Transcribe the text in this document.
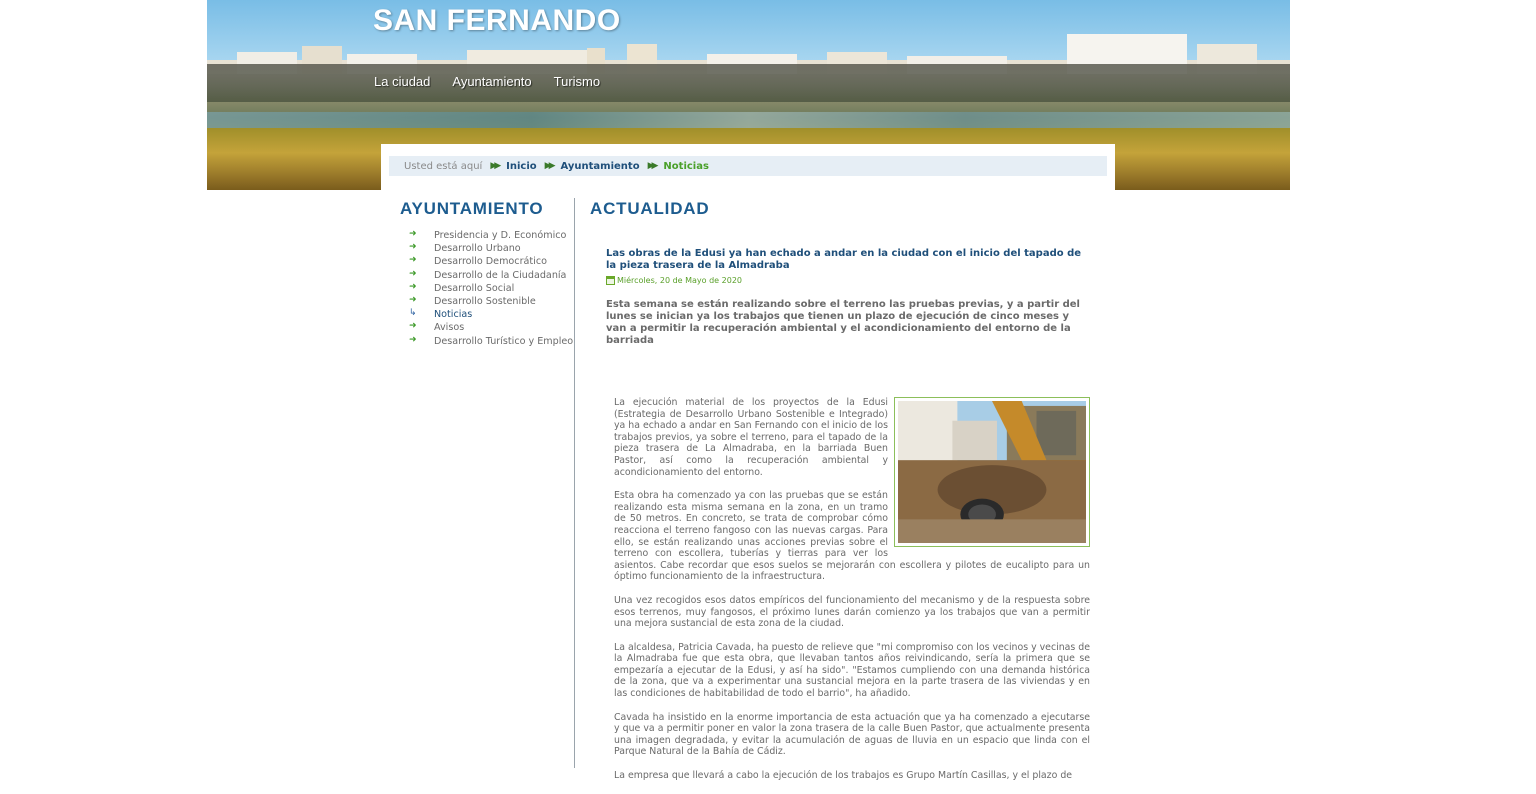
SAN FERNANDO
La ciudad Ayuntamiento Turismo
Usted está aquí ▶▶ Inicio ▶▶ Ayuntamiento ▶▶ Noticias
AYUNTAMIENTO
➜ Presidencia y D. Económico
➜ Desarrollo Urbano
➜ Desarrollo Democrático
➜ Desarrollo de la Ciudadanía
➜ Desarrollo Social
➜ Desarrollo Sostenible
↳ Noticias
➜ Avisos
➜ Desarrollo Turístico y Empleo
ACTUALIDAD
Las obras de la Edusi ya han echado a andar en la ciudad con el inicio del tapado de la pieza trasera de la Almadraba
Miércoles, 20 de Mayo de 2020

Esta semana se están realizando sobre el terreno las pruebas previas, y a partir del lunes se inician ya los trabajos que tienen un plazo de ejecución de cinco meses y van a permitir la recuperación ambiental y el acondicionamiento del entorno de la barriada

La ejecución material de los proyectos de la Edusi (Estrategia de Desarrollo Urbano Sostenible e Integrado) ya ha echado a andar en San Fernando con el inicio de los trabajos previos, ya sobre el terreno, para el tapado de la pieza trasera de La Almadraba, en la barriada Buen Pastor, así como la recuperación ambiental y acondicionamiento del entorno.

Esta obra ha comenzado ya con las pruebas que se están realizando esta misma semana en la zona, en un tramo de 50 metros. En concreto, se trata de comprobar cómo reacciona el terreno fangoso con las nuevas cargas. Para ello, se están realizando unas acciones previas sobre el terreno con escollera, tuberías y tierras para ver los asientos. Cabe recordar que esos suelos se mejorarán con escollera y pilotes de eucalipto para un óptimo funcionamiento de la infraestructura.

Una vez recogidos esos datos empíricos del funcionamiento del mecanismo y de la respuesta sobre esos terrenos, muy fangosos, el próximo lunes darán comienzo ya los trabajos que van a permitir una mejora sustancial de esta zona de la ciudad.

La alcaldesa, Patricia Cavada, ha puesto de relieve que "mi compromiso con los vecinos y vecinas de la Almadraba fue que esta obra, que llevaban tantos años reivindicando, sería la primera que se empezaría a ejecutar de la Edusi, y así ha sido". "Estamos cumpliendo con una demanda histórica de la zona, que va a experimentar una sustancial mejora en la parte trasera de las viviendas y en las condiciones de habitabilidad de todo el barrio", ha añadido.

Cavada ha insistido en la enorme importancia de esta actuación que ya ha comenzado a ejecutarse y que va a permitir poner en valor la zona trasera de la calle Buen Pastor, que actualmente presenta una imagen degradada, y evitar la acumulación de aguas de lluvia en un espacio que linda con el Parque Natural de la Bahía de Cádiz.

La empresa que llevará a cabo la ejecución de los trabajos es Grupo Martín Casillas, y el plazo de
